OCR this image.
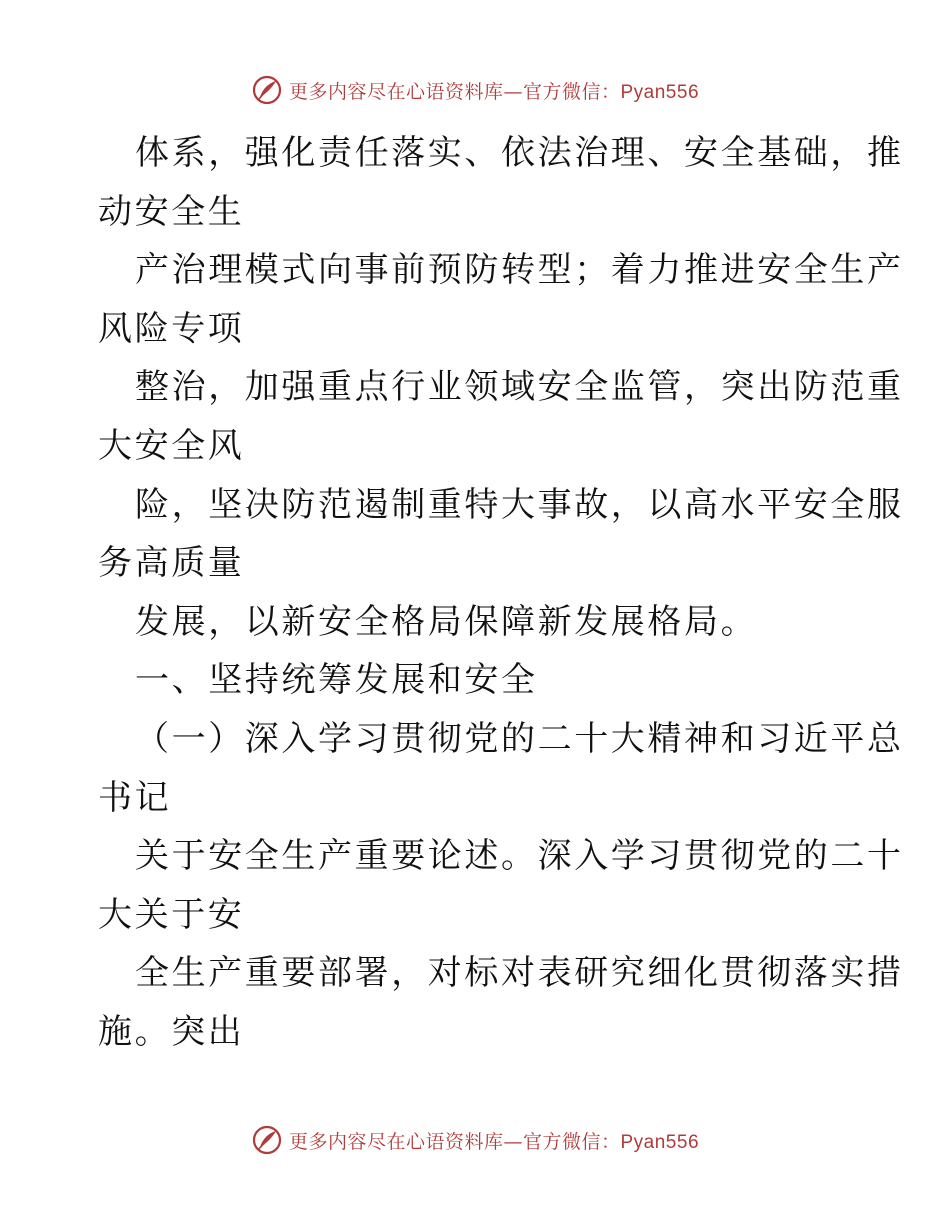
更多内容尽在心语资料库—官方微信：Pyan556
体系，强化责任落实、依法治理、安全基础，推
动安全生
产治理模式向事前预防转型；着力推进安全生产
风险专项
整治，加强重点行业领域安全监管，突出防范重
大安全风
险，坚决防范遏制重特大事故，以高水平安全服
务高质量
发展，以新安全格局保障新发展格局。
一、坚持统筹发展和安全
（一）深入学习贯彻党的二十大精神和习近平总
书记
关于安全生产重要论述。深入学习贯彻党的二十
大关于安
全生产重要部署，对标对表研究细化贯彻落实措
施。突出
更多内容尽在心语资料库—官方微信：Pyan556
